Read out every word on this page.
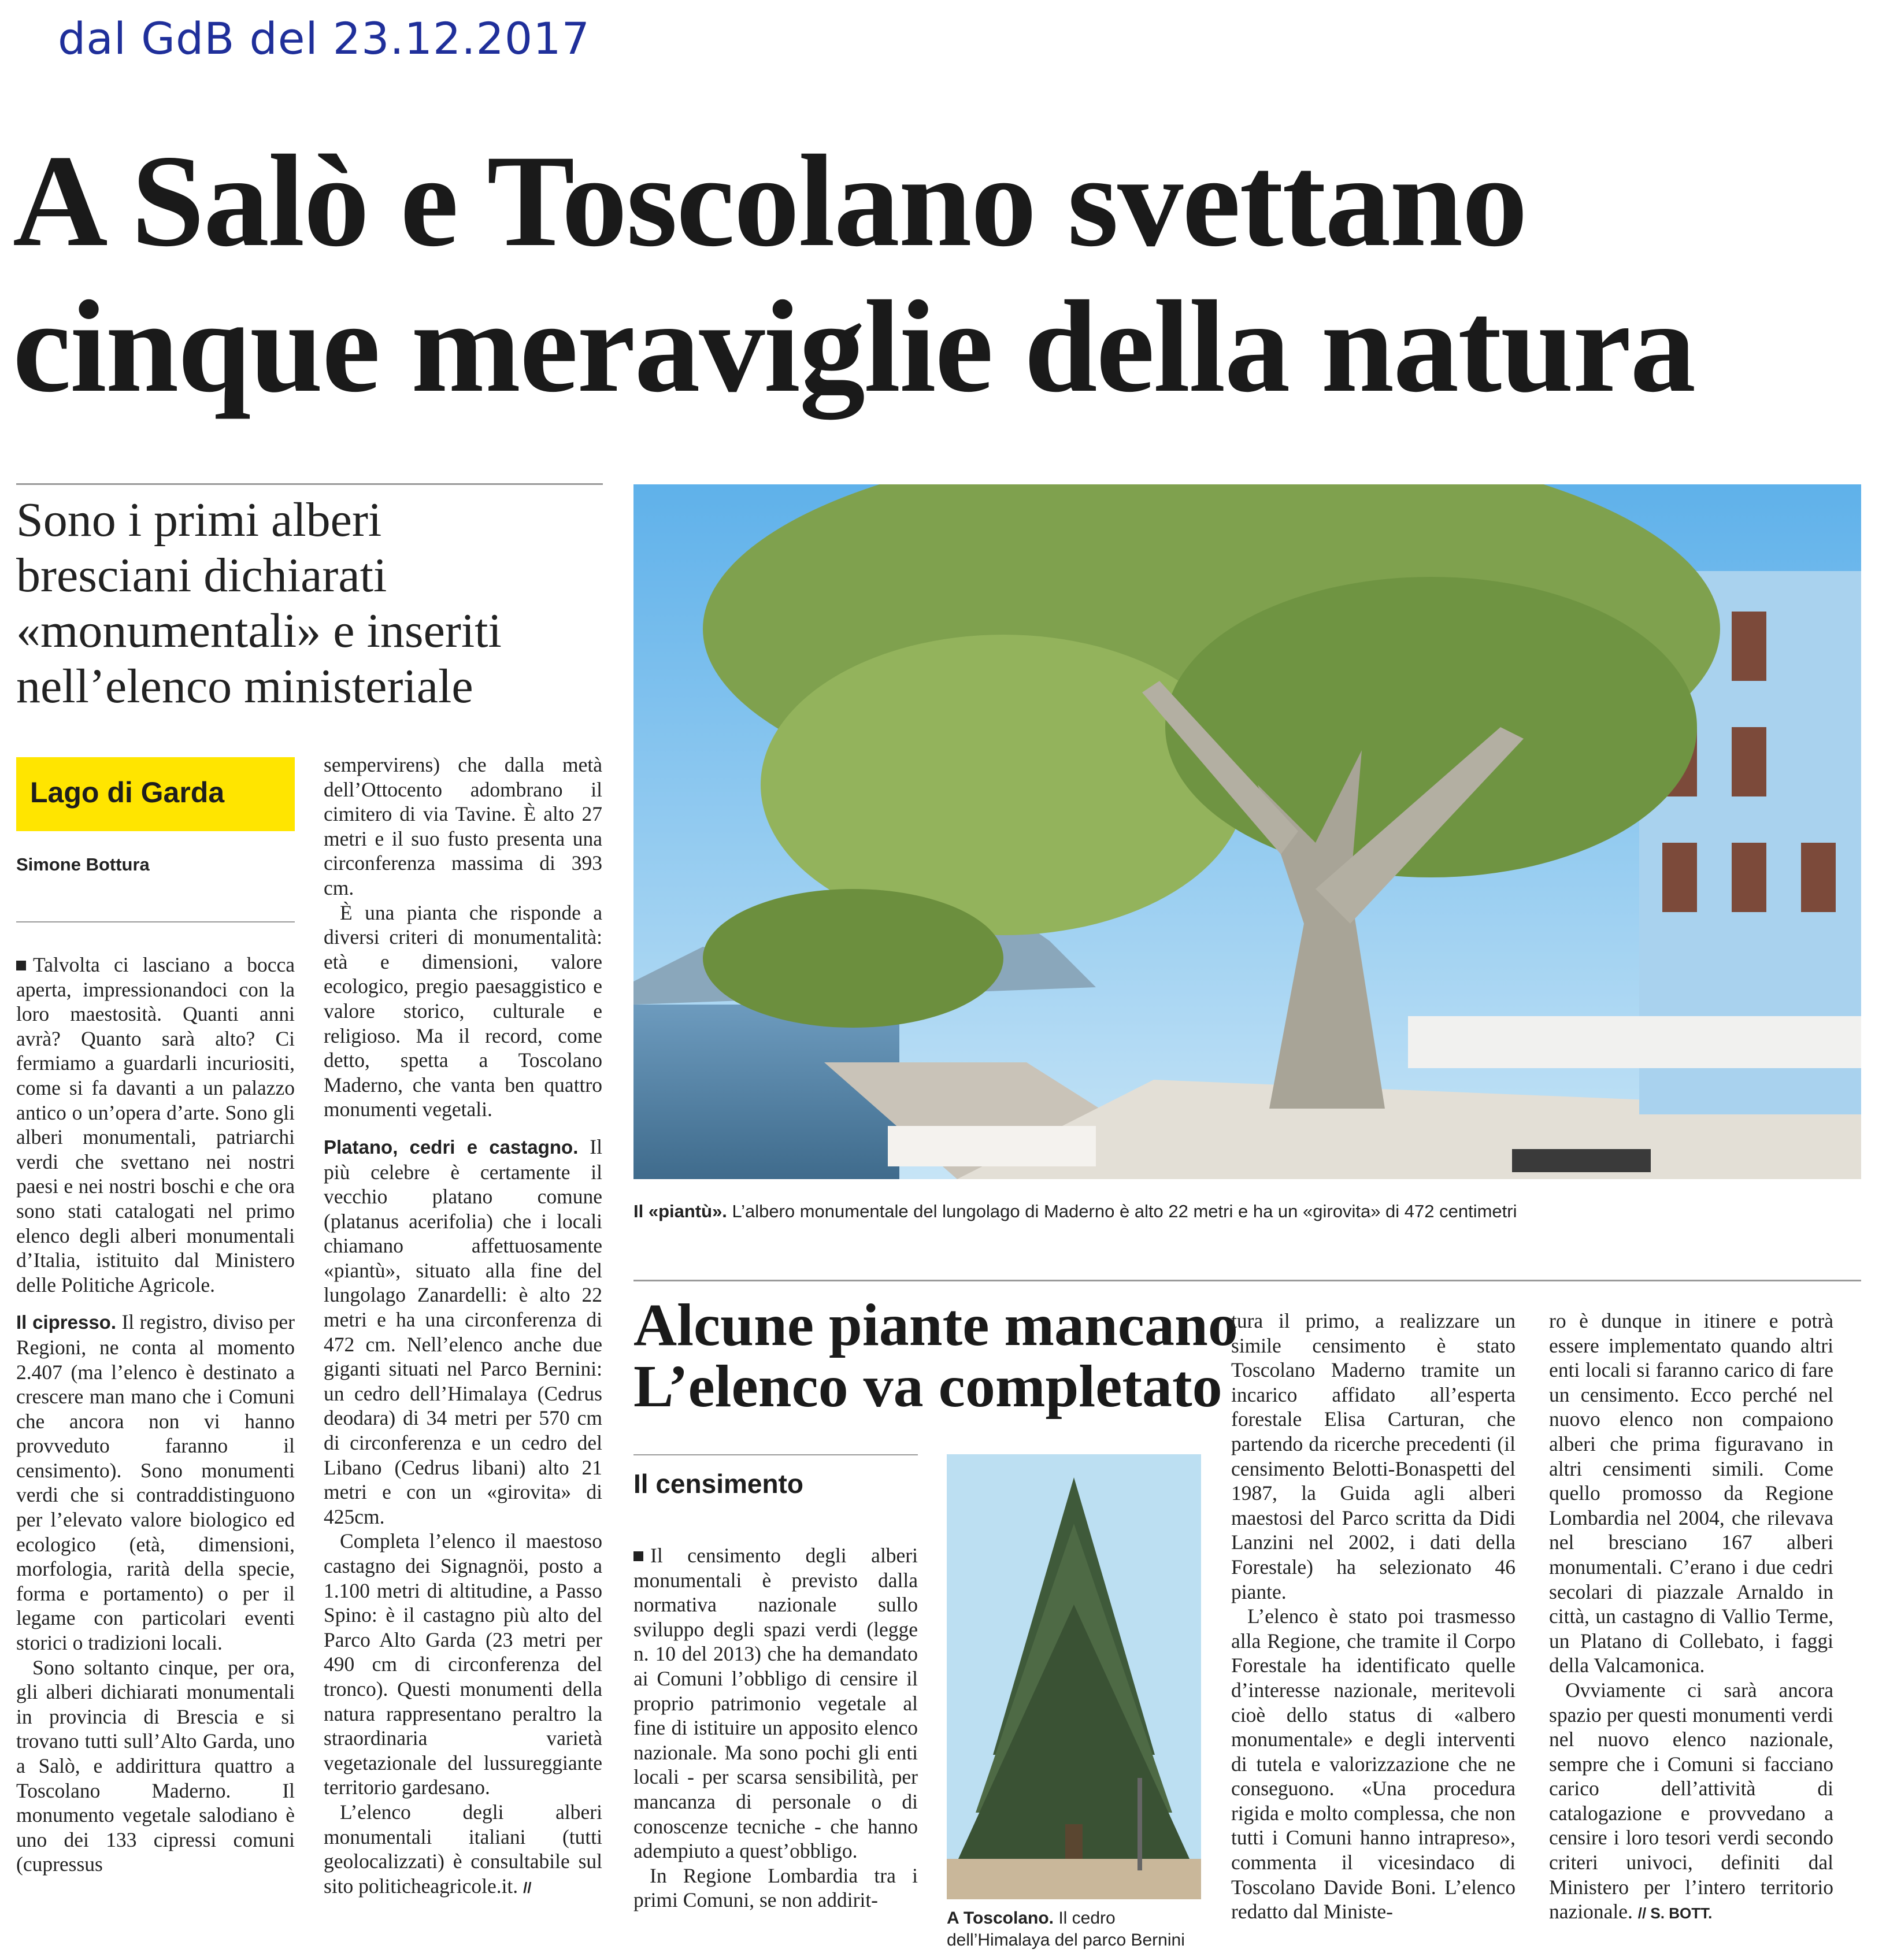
dal GdB del 23.12.2017
A Salò e Toscolano svettano
cinque meraviglie della natura
Sono i primi alberi
bresciani dichiarati
«monumentali» e inseriti
nell’elenco ministeriale
Lago di Garda
Simone Bottura

Talvolta ci lasciano a bocca aperta, impressionandoci con la loro maestosità. Quanti anni avrà? Quanto sarà alto? Ci fermiamo a guardarli incuriositi, come si fa davanti a un palazzo antico o un’opera d’arte. Sono gli alberi monumentali, patriarchi verdi che svettano nei nostri paesi e nei nostri boschi e che ora sono stati catalogati nel primo elenco degli alberi monumentali d’Italia, istituito dal Ministero delle Politiche Agricole.

Il cipresso. Il registro, diviso per Regioni, ne conta al momento 2.407 (ma l’elenco è destinato a crescere man mano che i Comuni che ancora non vi hanno provveduto faranno il censimento). Sono monumenti verdi che si contraddistinguono per l’elevato valore biologico ed ecologico (età, dimensioni, morfologia, rarità della specie, forma e portamento) o per il legame con particolari eventi storici o tradizioni locali.

Sono soltanto cinque, per ora, gli alberi dichiarati monumentali in provincia di Brescia e si trovano tutti sull’Alto Garda, uno a Salò, e addirittura quattro a Toscolano Maderno. Il monumento vegetale salodiano è uno dei 133 cipressi comuni (cupressus

sempervirens) che dalla metà dell’Ottocento adombrano il cimitero di via Tavine. È alto 27 metri e il suo fusto presenta una circonferenza massima di 393 cm.

È una pianta che risponde a diversi criteri di monumentalità: età e dimensioni, valore ecologico, pregio paesaggistico e valore storico, culturale e religioso. Ma il record, come detto, spetta a Toscolano Maderno, che vanta ben quattro monumenti vegetali.

Platano, cedri e castagno. Il più celebre è certamente il vecchio platano comune (platanus acerifolia) che i locali chiamano affettuosamente «piantù», situato alla fine del lungolago Zanardelli: è alto 22 metri e ha una circonferenza di 472 cm. Nell’elenco anche due giganti situati nel Parco Bernini: un cedro dell’Himalaya (Cedrus deodara) di 34 metri per 570 cm di circonferenza e un cedro del Libano (Cedrus libani) alto 21 metri e con un «girovita» di 425cm.

Completa l’elenco il maestoso castagno dei Signagnöi, posto a 1.100 metri di altitudine, a Passo Spino: è il castagno più alto del Parco Alto Garda (23 metri per 490 cm di circonferenza del tronco). Questi monumenti della natura rappresentano peraltro la straordinaria varietà vegetazionale del lussureggiante territorio gardesano.

L’elenco degli alberi monumentali italiani (tutti geolocalizzati) è consultabile sul sito politicheagricole.it. //

Il «piantù». L’albero monumentale del lungolago di Maderno è alto 22 metri e ha un «girovita» di 472 centimetri
Alcune piante mancano
L’elenco va completato
Il censimento

Il censimento degli alberi monumentali è previsto dalla normativa nazionale sullo sviluppo degli spazi verdi (legge n. 10 del 2013) che ha demandato ai Comuni l’obbligo di censire il proprio patrimonio vegetale al fine di istituire un apposito elenco nazionale. Ma sono pochi gli enti locali - per scarsa sensibilità, per mancanza di personale o di conoscenze tecniche - che hanno adempiuto a quest’obbligo.

In Regione Lombardia tra i primi Comuni, se non addirit-

A Toscolano. Il cedro dell’Himalaya del parco Bernini

tura il primo, a realizzare un simile censimento è stato Toscolano Maderno tramite un incarico affidato all’esperta forestale Elisa Carturan, che partendo da ricerche precedenti (il censimento Belotti-Bonaspetti del 1987, la Guida agli alberi maestosi del Parco scritta da Didi Lanzini nel 2002, i dati della Forestale) ha selezionato 46 piante.

L’elenco è stato poi trasmesso alla Regione, che tramite il Corpo Forestale ha identificato quelle d’interesse nazionale, meritevoli cioè dello status di «albero monumentale» e degli interventi di tutela e valorizzazione che ne conseguono. «Una procedura rigida e molto complessa, che non tutti i Comuni hanno intrapreso», commenta il vicesindaco di Toscolano Davide Boni. L’elenco redatto dal Ministe-

ro è dunque in itinere e potrà essere implementato quando altri enti locali si faranno carico di fare un censimento. Ecco perché nel nuovo elenco non compaiono alberi che prima figuravano in altri censimenti simili. Come quello promosso da Regione Lombardia nel 2004, che rilevava nel bresciano 167 alberi monumentali. C’erano i due cedri secolari di piazzale Arnaldo in città, un castagno di Vallio Terme, un Platano di Collebato, i faggi della Valcamonica.

Ovviamente ci sarà ancora spazio per questi monumenti verdi nel nuovo elenco nazionale, sempre che i Comuni si facciano carico dell’attività di catalogazione e provvedano a censire i loro tesori verdi secondo criteri univoci, definiti dal Ministero per l’intero territorio nazionale. // S. BOTT.
